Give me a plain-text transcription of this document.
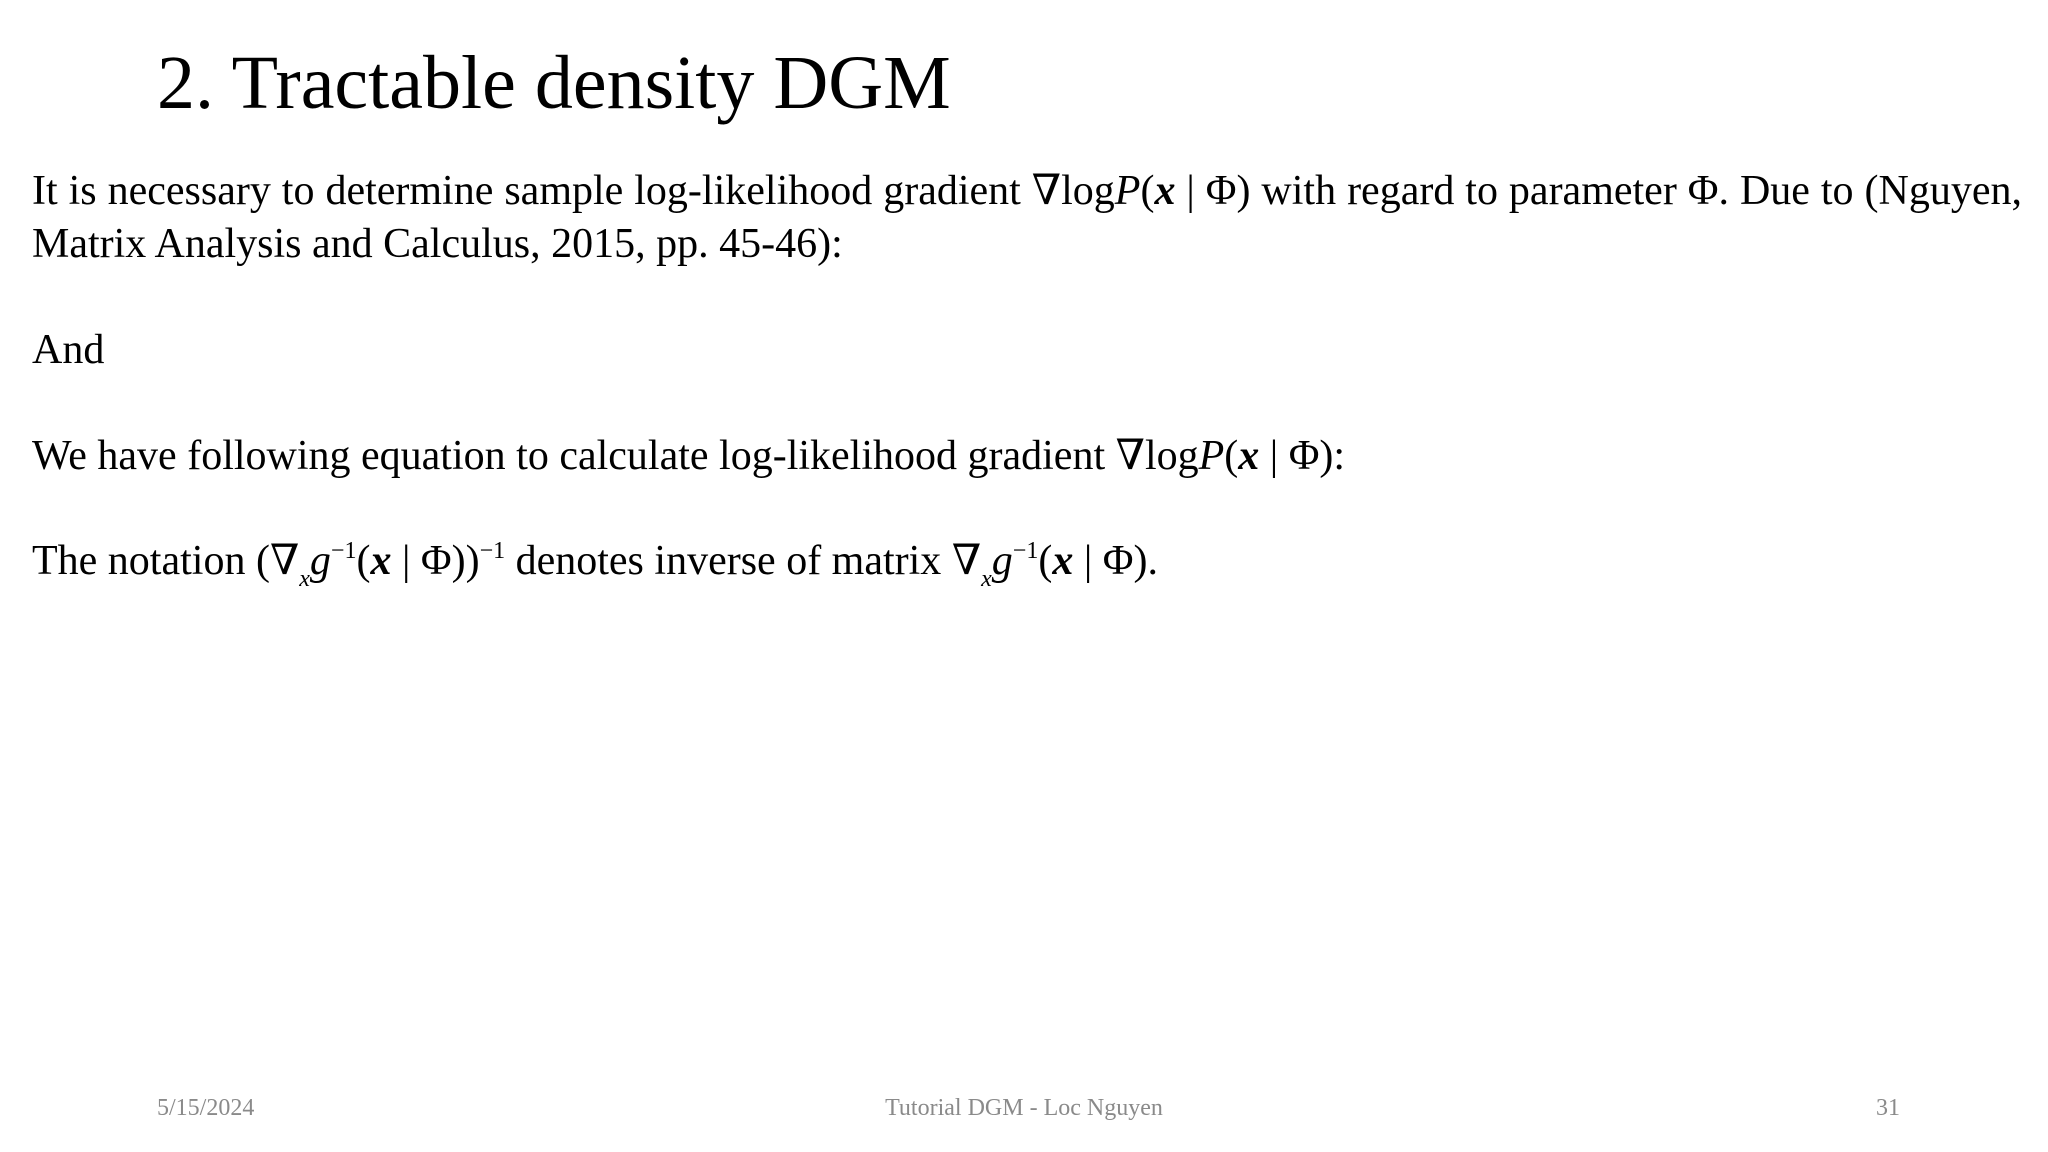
2. Tractable density DGM

It is necessary to determine sample log-likelihood gradient ∇logP(x | Φ) with regard to parameter Φ. Due to (Nguyen, Matrix Analysis and Calculus, 2015, pp. 45-46):

And

We have following equation to calculate log-likelihood gradient ∇logP(x | Φ):

The notation ($\nabla_xg^{-1}(x$ | Φ))$^{-1}$ denotes inverse of matrix $\nabla_xg^{-1}(x$ | Φ).

5/15/2024	Tutorial DGM - Loc Nguyen	31
